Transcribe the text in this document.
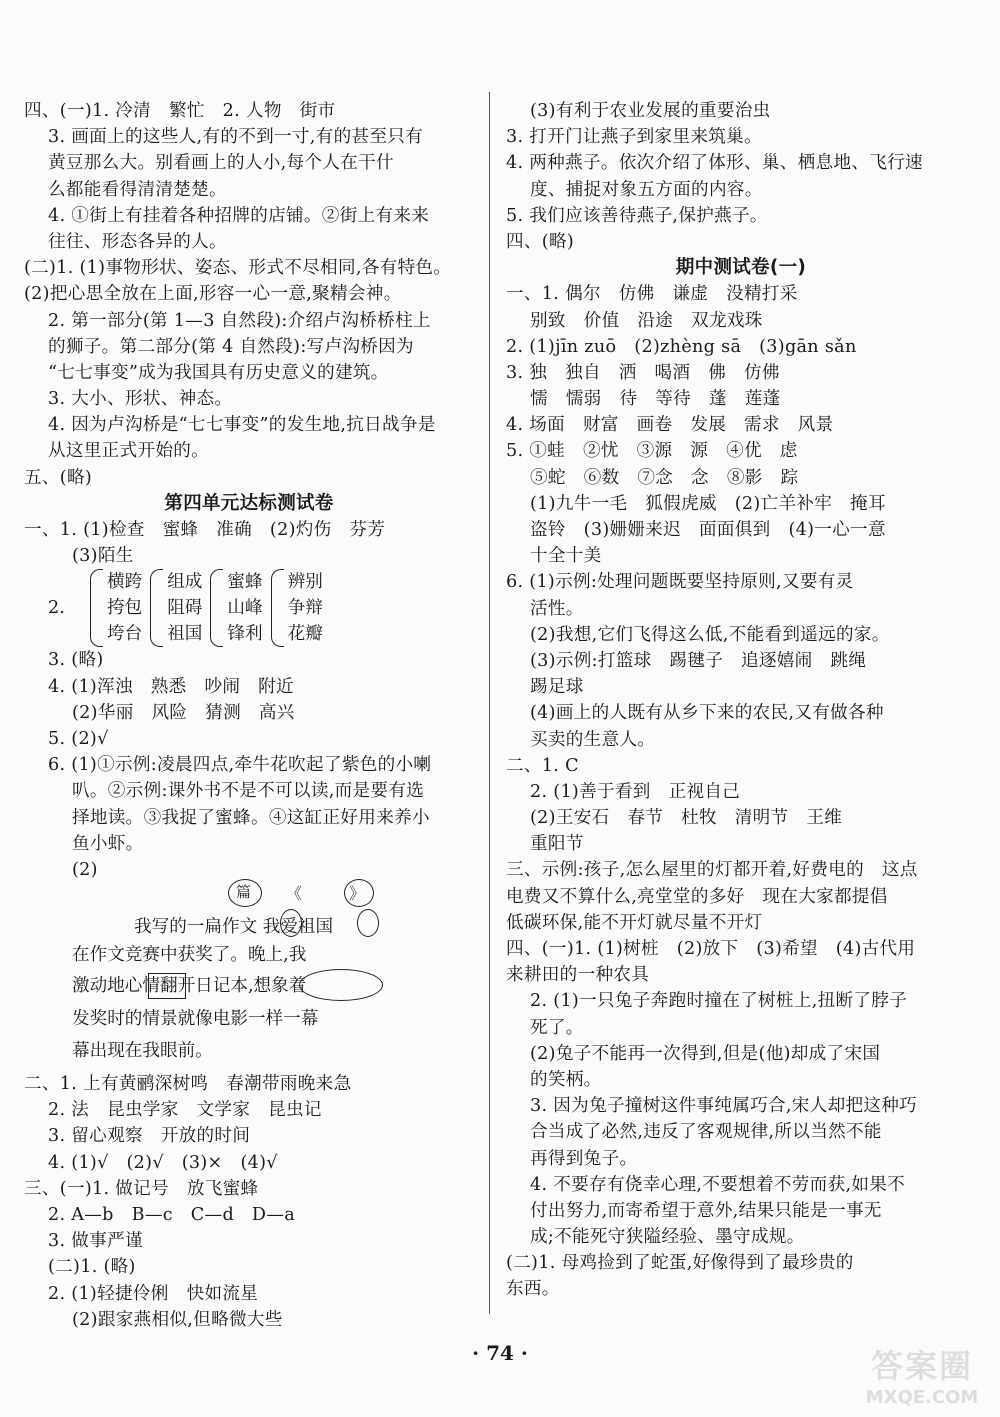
四、(一)1. 冷清　繁忙　2. 人物　街市
3. 画面上的这些人,有的不到一寸,有的甚至只有
黄豆那么大。别看画上的人小,每个人在干什
么都能看得清清楚楚。
4. ①街上有挂着各种招牌的店铺。②街上有来来
往往、形态各异的人。
(二)1. (1)事物形状、姿态、形式不尽相同,各有特色。
(2)把心思全放在上面,形容一心一意,聚精会神。
2. 第一部分(第 1—3 自然段):介绍卢沟桥桥柱上
的狮子。第二部分(第 4 自然段):写卢沟桥因为
“七七事变”成为我国具有历史意义的建筑。
3. 大小、形状、神态。
4. 因为卢沟桥是“七七事变”的发生地,抗日战争是
从这里正式开始的。
五、(略)
第四单元达标测试卷
一、1. (1)检查　蜜蜂　准确　(2)灼伤　芬芳
(3)陌生
2.
横跨
挎包
垮台
组成
阻碍
祖国
蜜蜂
山峰
锋利
辨别
争辩
花瓣
3. (略)
4. (1)浑浊　熟悉　吵闹　附近
(2)华丽　风险　猜测　高兴
5. (2)√
6. (1)①示例:凌晨四点,牵牛花吹起了紫色的小喇
叭。②示例:课外书不是不可以读,而是要有选
择地读。③我捉了蜜蜂。④这缸正好用来养小
鱼小虾。
(2)
我写的一扁作文 我爱祖国
篇 《	》
在作文竞赛中获奖了。晚上,我
激动地心情翻开日记本,想象着
发奖时的情景就像电影一样一幕
幕出现在我眼前。
二、1. 上有黄鹂深树鸣　春潮带雨晚来急
2. 法　昆虫学家　文学家　昆虫记
3. 留心观察　开放的时间
4. (1)√　(2)√　(3)×　(4)√
三、(一)1. 做记号　放飞蜜蜂
2. A—b　B—c　C—d　D—a
3. 做事严谨
(二)1. (略)
2. (1)轻捷伶俐　快如流星
(2)跟家燕相似,但略微大些
(3)有利于农业发展的重要治虫
3. 打开门让燕子到家里来筑巢。
4. 两种燕子。依次介绍了体形、巢、栖息地、飞行速
度、捕捉对象五方面的内容。
5. 我们应该善待燕子,保护燕子。
四、(略)
期中测试卷(一)
一、1. 偶尔　仿佛　谦虚　没精打采
别致　价值　沿途　双龙戏珠
2. (1)jīn zuō　(2)zhèng sā　(3)gān sǎn
3. 独　独自　洒　喝酒　佛　仿佛
懦　懦弱　待　等待　蓬　莲蓬
4. 场面　财富　画卷　发展　需求　风景
5. ①蛙　②忧　③源　源　④优　虑
⑤蛇　⑥数　⑦念　念　⑧影　踪
(1)九牛一毛　狐假虎威　(2)亡羊补牢　掩耳
盗铃　(3)姗姗来迟　面面俱到　(4)一心一意
十全十美
6. (1)示例:处理问题既要坚持原则,又要有灵
活性。
(2)我想,它们飞得这么低,不能看到遥远的家。
(3)示例:打篮球　踢毽子　追逐嬉闹　跳绳
踢足球
(4)画上的人既有从乡下来的农民,又有做各种
买卖的生意人。
二、1. C
2. (1)善于看到　正视自己
(2)王安石　春节　杜牧　清明节　王维
重阳节
三、示例:孩子,怎么屋里的灯都开着,好费电的　这点
电费又不算什么,亮堂堂的多好　现在大家都提倡
低碳环保,能不开灯就尽量不开灯
四、(一)1. (1)树桩　(2)放下　(3)希望　(4)古代用
来耕田的一种农具
2. (1)一只兔子奔跑时撞在了树桩上,扭断了脖子
死了。
(2)兔子不能再一次得到,但是(他)却成了宋国
的笑柄。
3. 因为兔子撞树这件事纯属巧合,宋人却把这种巧
合当成了必然,违反了客观规律,所以当然不能
再得到兔子。
4. 不要存有侥幸心理,不要想着不劳而获,如果不
付出努力,而寄希望于意外,结果只能是一事无
成;不能死守狭隘经验、墨守成规。
(二)1. 母鸡捡到了蛇蛋,好像得到了最珍贵的
东西。
· 74 ·	答案圈
MXQE.COM
